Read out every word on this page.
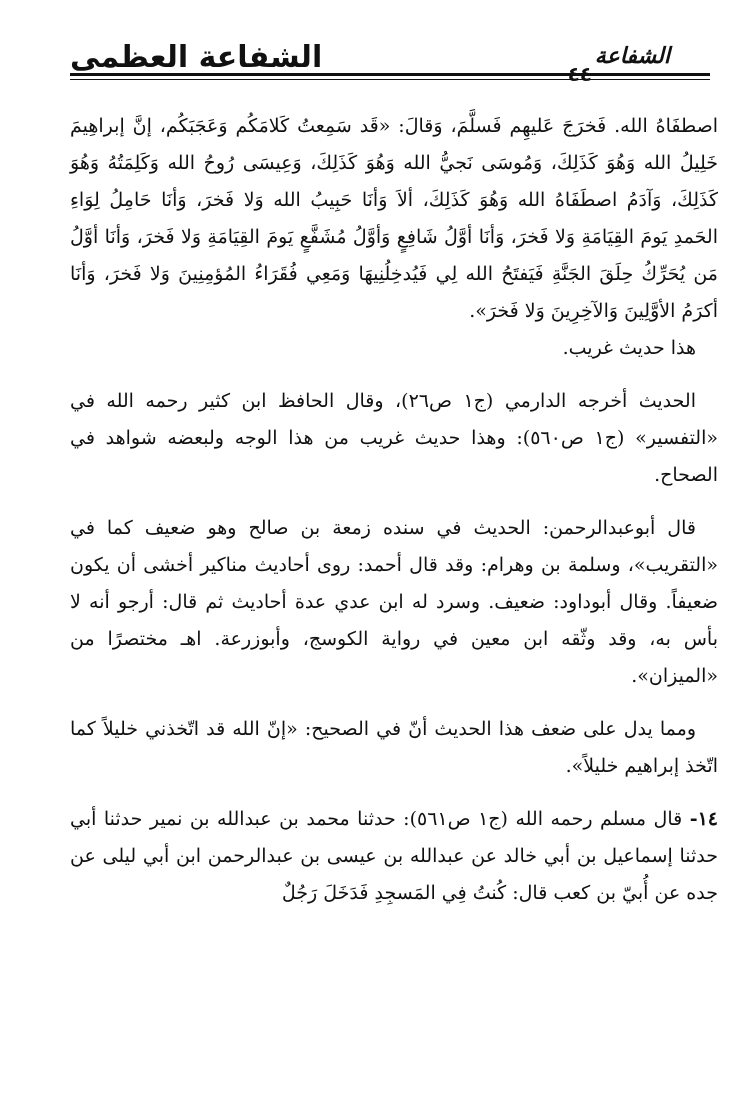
الشفاعة العظمى	الشفاعة
٤٤

اصطفَاهُ الله. فَخرَجَ عَليهِم فَسلَّمَ، وَقالَ: «قَد سَمِعتُ كَلامَكُم وَعَجَبَكُم، إنَّ إبراهِيمَ خَلِيلُ الله وَهُوَ كَذَلِكَ، وَمُوسَى نَجيُّ الله وَهُوَ كَذَلِكَ، وَعِيسَى رُوحُ الله وَكَلِمَتُهُ وَهُوَ كَذَلِكَ، وَآدَمُ اصطَفَاهُ الله وَهُوَ كَذَلِكَ، ألاَ وَأنَا حَبِيبُ الله وَلا فَخرَ، وَأنَا حَامِلُ لِوَاءِ الحَمدِ يَومَ القِيَامَةِ وَلا فَخرَ، وَأنَا أوَّلُ شَافِعٍ وَأوَّلُ مُشَفَّعٍ يَومَ القِيَامَةِ وَلا فَخرَ، وَأنَا أوَّلُ مَن يُحَرِّكُ حِلَقَ الجَنَّةِ فَيَفتَحُ الله لِي فَيُدخِلُنِيهَا وَمَعِي فُقَرَاءُ المُؤمِنِينَ وَلا فَخرَ، وَأنَا أكرَمُ الأوَّلِينَ وَالآخِرِينَ وَلا فَخرَ».

هذا حديث غريب.

الحديث أخرجه الدارمي (ج١ ص٢٦)، وقال الحافظ ابن كثير رحمه الله في «التفسير» (ج١ ص٥٦٠): وهذا حديث غريب من هذا الوجه ولبعضه شواهد في الصحاح.

قال أبوعبدالرحمن: الحديث في سنده زمعة بن صالح وهو ضعيف كما في «التقريب»، وسلمة بن وهرام: وقد قال أحمد: روى أحاديث مناكير أخشى أن يكون ضعيفاً. وقال أبوداود: ضعيف. وسرد له ابن عدي عدة أحاديث ثم قال: أرجو أنه لا بأس به، وقد وثّقه ابن معين في رواية الكوسج، وأبوزرعة. اهـ مختصرًا من «الميزان».

ومما يدل على ضعف هذا الحديث أنّ في الصحيح: «إنّ الله قد اتّخذني خليلاً كما اتّخذ إبراهيم خليلاً».

١٤- قال مسلم رحمه الله (ج١ ص٥٦١): حدثنا محمد بن عبدالله بن نمير حدثنا أبي حدثنا إسماعيل بن أبي خالد عن عبدالله بن عيسى بن عبدالرحمن ابن أبي ليلى عن جده عن أُبيّ بن كعب قال: كُنتُ فِي المَسجِدِ فَدَخَلَ رَجُلٌ
